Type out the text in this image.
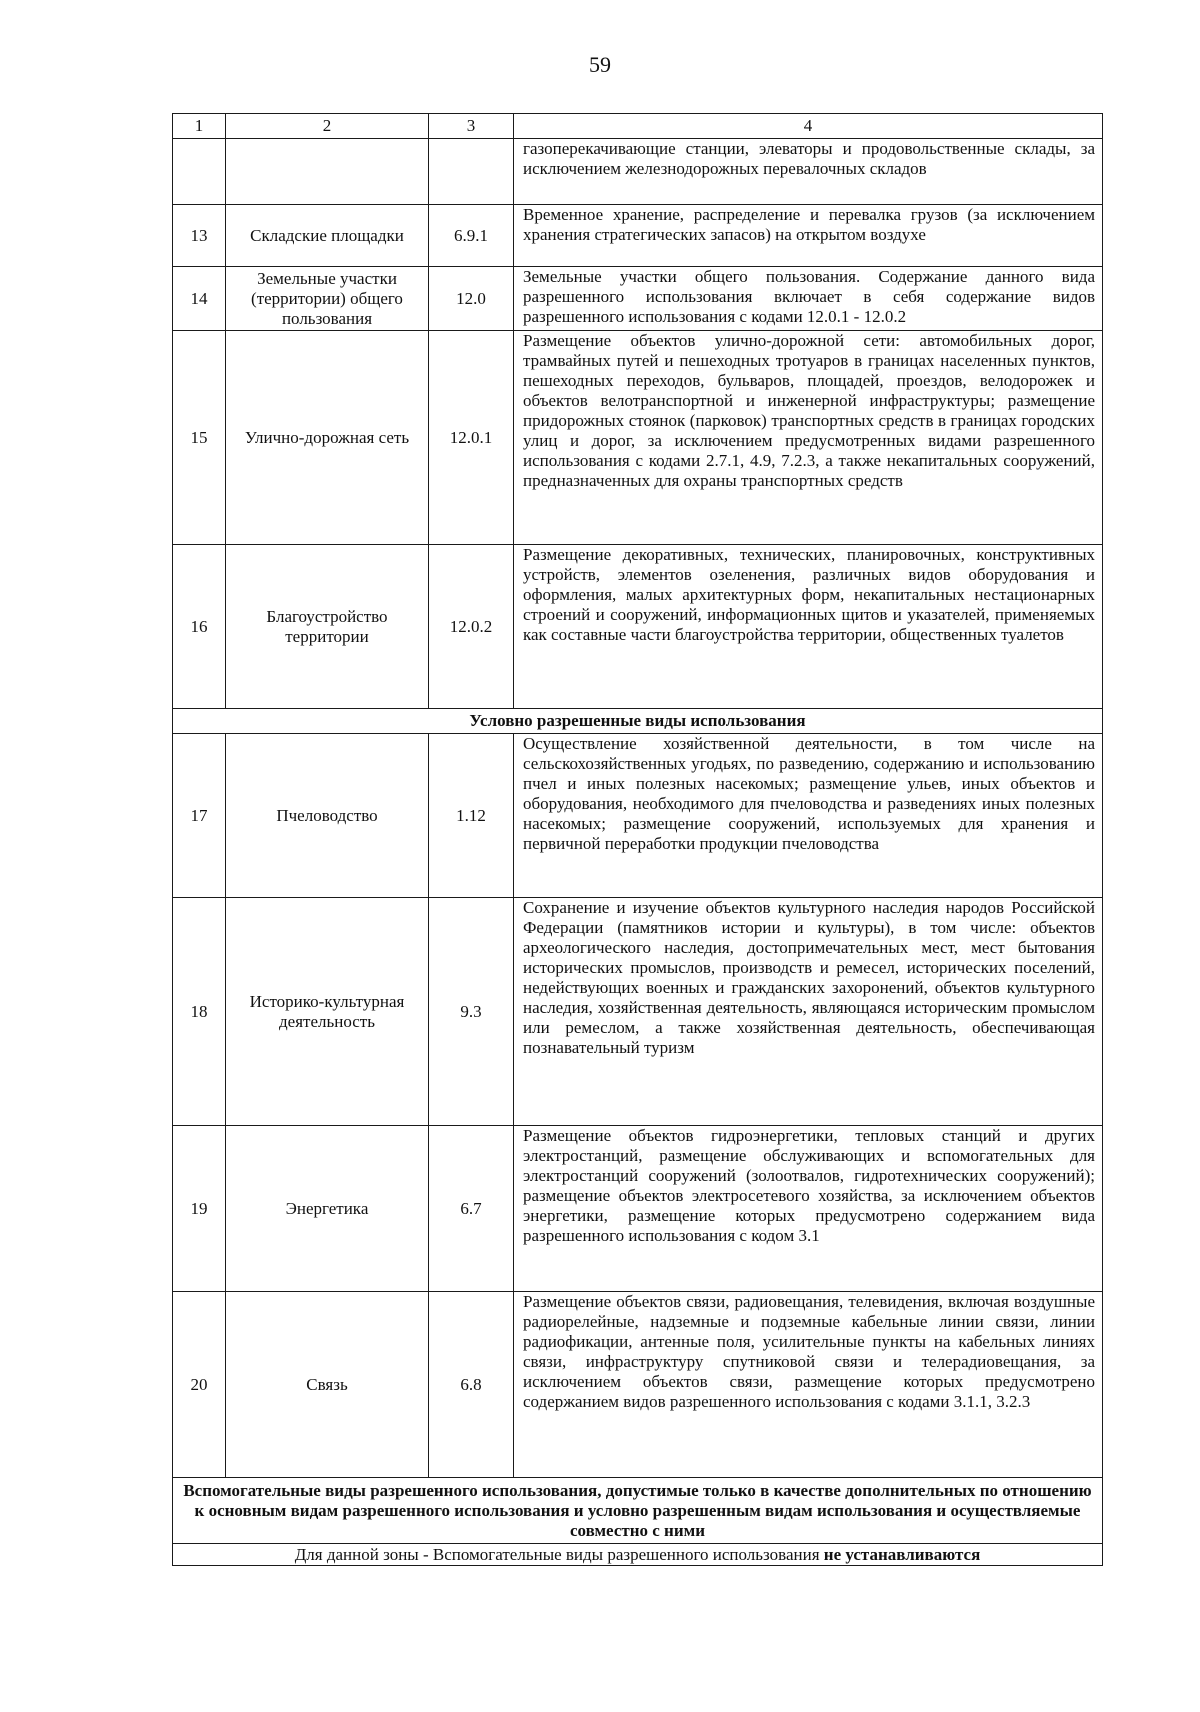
59
1	2	3	4
			газоперекачивающие станции, элеваторы и продовольственные склады, за исключением железнодорожных перевалочных складов
13	Складские площадки	6.9.1	Временное хранение, распределение и перевалка грузов (за исключением хранения стратегических запасов) на открытом воздухе
14	Земельные участки (территории) общего пользования	12.0	Земельные участки общего пользования. Содержание данного вида разрешенного использования включает в себя содержание видов разрешенного использования с кодами 12.0.1 - 12.0.2
15	Улично-дорожная сеть	12.0.1	Размещение объектов улично-дорожной сети: автомобильных дорог, трамвайных путей и пешеходных тротуаров в границах населенных пунктов, пешеходных переходов, бульваров, площадей, проездов, велодорожек и объектов велотранспортной и инженерной инфраструктуры; размещение придорожных стоянок (парковок) транспортных средств в границах городских улиц и дорог, за исключением предусмотренных видами разрешенного использования с кодами 2.7.1, 4.9, 7.2.3, а также некапитальных сооружений, предназначенных для охраны транспортных средств
16	Благоустройство территории	12.0.2	Размещение декоративных, технических, планировочных, конструктивных устройств, элементов озеленения, различных видов оборудования и оформления, малых архитектурных форм, некапитальных нестационарных строений и сооружений, информационных щитов и указателей, применяемых как составные части благоустройства территории, общественных туалетов
Условно разрешенные виды использования			
17	Пчеловодство	1.12	Осуществление хозяйственной деятельности, в том числе на сельскохозяйственных угодьях, по разведению, содержанию и использованию пчел и иных полезных насекомых; размещение ульев, иных объектов и оборудования, необходимого для пчеловодства и разведениях иных полезных насекомых; размещение сооружений, используемых для хранения и первичной переработки продукции пчеловодства
18	Историко-культурная деятельность	9.3	Сохранение и изучение объектов культурного наследия народов Российской Федерации (памятников истории и культуры), в том числе: объектов археологического наследия, достопримечательных мест, мест бытования исторических промыслов, производств и ремесел, исторических поселений, недействующих военных и гражданских захоронений, объектов культурного наследия, хозяйственная деятельность, являющаяся историческим промыслом или ремеслом, а также хозяйственная деятельность, обеспечивающая познавательный туризм
19	Энергетика	6.7	Размещение объектов гидроэнергетики, тепловых станций и других электростанций, размещение обслуживающих и вспомогательных для электростанций сооружений (золоотвалов, гидротехнических сооружений); размещение объектов электросетевого хозяйства, за исключением объектов энергетики, размещение которых предусмотрено содержанием вида разрешенного использования с кодом 3.1
20	Связь	6.8	Размещение объектов связи, радиовещания, телевидения, включая воздушные радиорелейные, надземные и подземные кабельные линии связи, линии радиофикации, антенные поля, усилительные пункты на кабельных линиях связи, инфраструктуру спутниковой связи и телерадиовещания, за исключением объектов связи, размещение которых предусмотрено содержанием видов разрешенного использования с кодами 3.1.1, 3.2.3
Вспомогательные виды разрешенного использования, допустимые только в качестве дополнительных по отношению к основным видам разрешенного использования и условно разрешенным видам использования и осуществляемые совместно с ними			
Для данной зоны - Вспомогательные виды разрешенного использования не устанавливаются			
